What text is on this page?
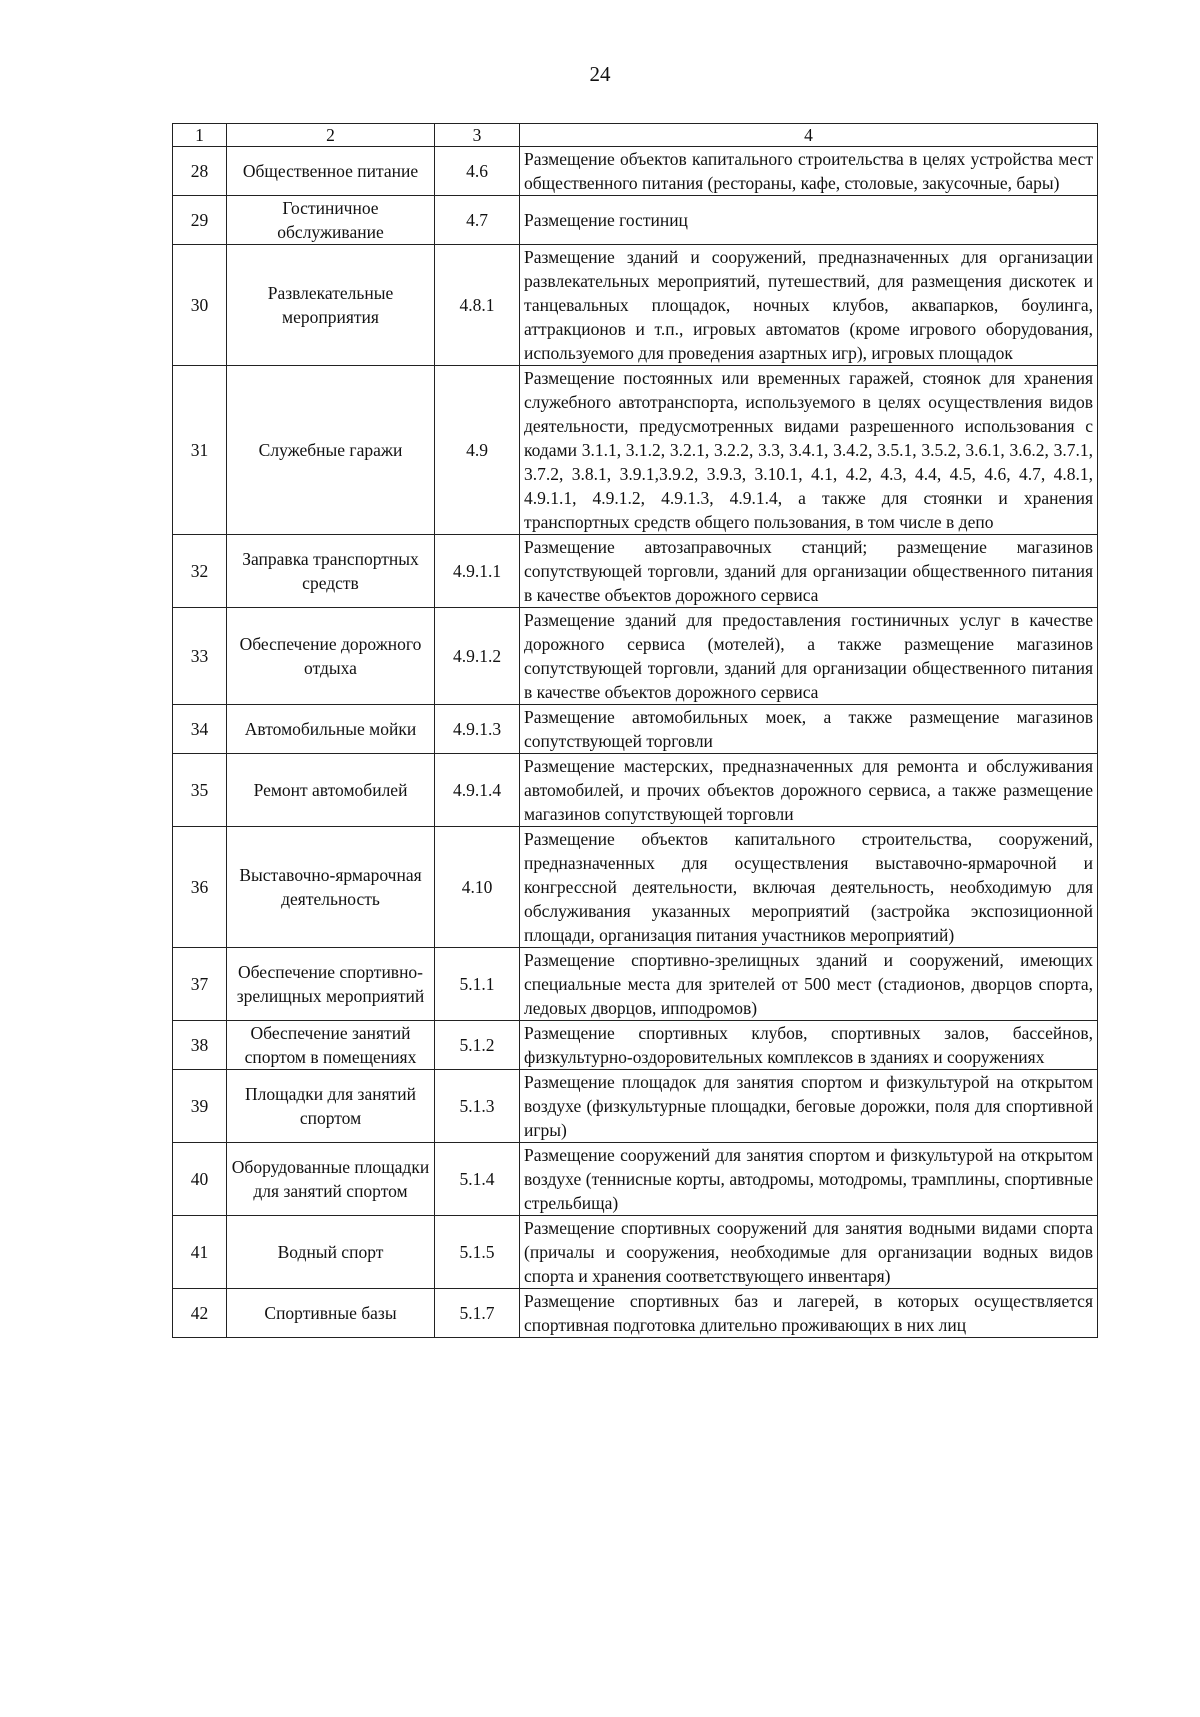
24
1	2	3	4
28	Общественное питание	4.6	Размещение объектов капитального строительства в целях устройства мест общественного питания (рестораны, кафе, столовые, закусочные, бары)
29	Гостиничное обслуживание	4.7	Размещение гостиниц
30	Развлекательные мероприятия	4.8.1	Размещение зданий и сооружений, предназначенных для организации развлекательных мероприятий, путешествий, для размещения дискотек и танцевальных площадок, ночных клубов, аквапарков, боулинга, аттракционов и т.п., игровых автоматов (кроме игрового оборудования, используемого для проведения азартных игр), игровых площадок
31	Служебные гаражи	4.9	Размещение постоянных или временных гаражей, стоянок для хранения служебного автотранспорта, используемого в целях осуществления видов деятельности, предусмотренных видами разрешенного использования с кодами 3.1.1, 3.1.2, 3.2.1, 3.2.2, 3.3, 3.4.1, 3.4.2, 3.5.1, 3.5.2, 3.6.1, 3.6.2, 3.7.1, 3.7.2, 3.8.1, 3.9.1,3.9.2, 3.9.3, 3.10.1, 4.1, 4.2, 4.3, 4.4, 4.5, 4.6, 4.7, 4.8.1, 4.9.1.1, 4.9.1.2, 4.9.1.3, 4.9.1.4, а также для стоянки и хранения транспортных средств общего пользования, в том числе в депо
32	Заправка транспортных средств	4.9.1.1	Размещение автозаправочных станций; размещение магазинов сопутствующей торговли, зданий для организации общественного питания в качестве объектов дорожного сервиса
33	Обеспечение дорожного отдыха	4.9.1.2	Размещение зданий для предоставления гостиничных услуг в качестве дорожного сервиса (мотелей), а также размещение магазинов сопутствующей торговли, зданий для организации общественного питания в качестве объектов дорожного сервиса
34	Автомобильные мойки	4.9.1.3	Размещение автомобильных моек, а также размещение магазинов сопутствующей торговли
35	Ремонт автомобилей	4.9.1.4	Размещение мастерских, предназначенных для ремонта и обслуживания автомобилей, и прочих объектов дорожного сервиса, а также размещение магазинов сопутствующей торговли
36	Выставочно-ярмарочная деятельность	4.10	Размещение объектов капитального строительства, сооружений, предназначенных для осуществления выставочно-ярмарочной и конгрессной деятельности, включая деятельность, необходимую для обслуживания указанных мероприятий (застройка экспозиционной площади, организация питания участников мероприятий)
37	Обеспечение спортивно-зрелищных мероприятий	5.1.1	Размещение спортивно-зрелищных зданий и сооружений, имеющих специальные места для зрителей от 500 мест (стадионов, дворцов спорта, ледовых дворцов, ипподромов)
38	Обеспечение занятий спортом в помещениях	5.1.2	Размещение спортивных клубов, спортивных залов, бассейнов, физкультурно-оздоровительных комплексов в зданиях и сооружениях
39	Площадки для занятий спортом	5.1.3	Размещение площадок для занятия спортом и физкультурой на открытом воздухе (физкультурные площадки, беговые дорожки, поля для спортивной игры)
40	Оборудованные площадки для занятий спортом	5.1.4	Размещение сооружений для занятия спортом и физкультурой на открытом воздухе (теннисные корты, автодромы, мотодромы, трамплины, спортивные стрельбища)
41	Водный спорт	5.1.5	Размещение спортивных сооружений для занятия водными видами спорта (причалы и сооружения, необходимые для организации водных видов спорта и хранения соответствующего инвентаря)
42	Спортивные базы	5.1.7	Размещение спортивных баз и лагерей, в которых осуществляется спортивная подготовка длительно проживающих в них лиц
